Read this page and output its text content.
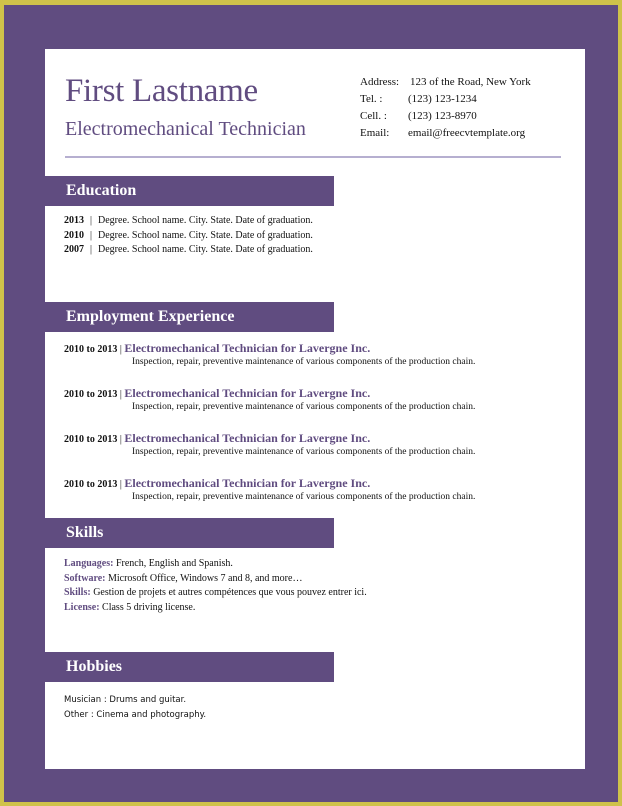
First Lastname
Electromechanical Technician
Address: 123 of the Road, New York
Tel. : (123) 123-1234
Cell. : (123) 123-8970
Email: email@freecvtemplate.org
Education
2013 | Degree. School name. City. State. Date of graduation.
2010 | Degree. School name. City. State. Date of graduation.
2007 | Degree. School name. City. State. Date of graduation.
Employment Experience
2010 to 2013 | Electromechanical Technician for Lavergne Inc.
Inspection, repair, preventive maintenance of various components of the production chain.
2010 to 2013 | Electromechanical Technician for Lavergne Inc.
Inspection, repair, preventive maintenance of various components of the production chain.
2010 to 2013 | Electromechanical Technician for Lavergne Inc.
Inspection, repair, preventive maintenance of various components of the production chain.
2010 to 2013 | Electromechanical Technician for Lavergne Inc.
Inspection, repair, preventive maintenance of various components of the production chain.
Skills
Languages: French, English and Spanish.
Software: Microsoft Office, Windows 7 and 8, and more…
Skills: Gestion de projets et autres compétences que vous pouvez entrer ici.
License: Class 5 driving license.
Hobbies
Musician : Drums and guitar.
Other : Cinema and photography.
